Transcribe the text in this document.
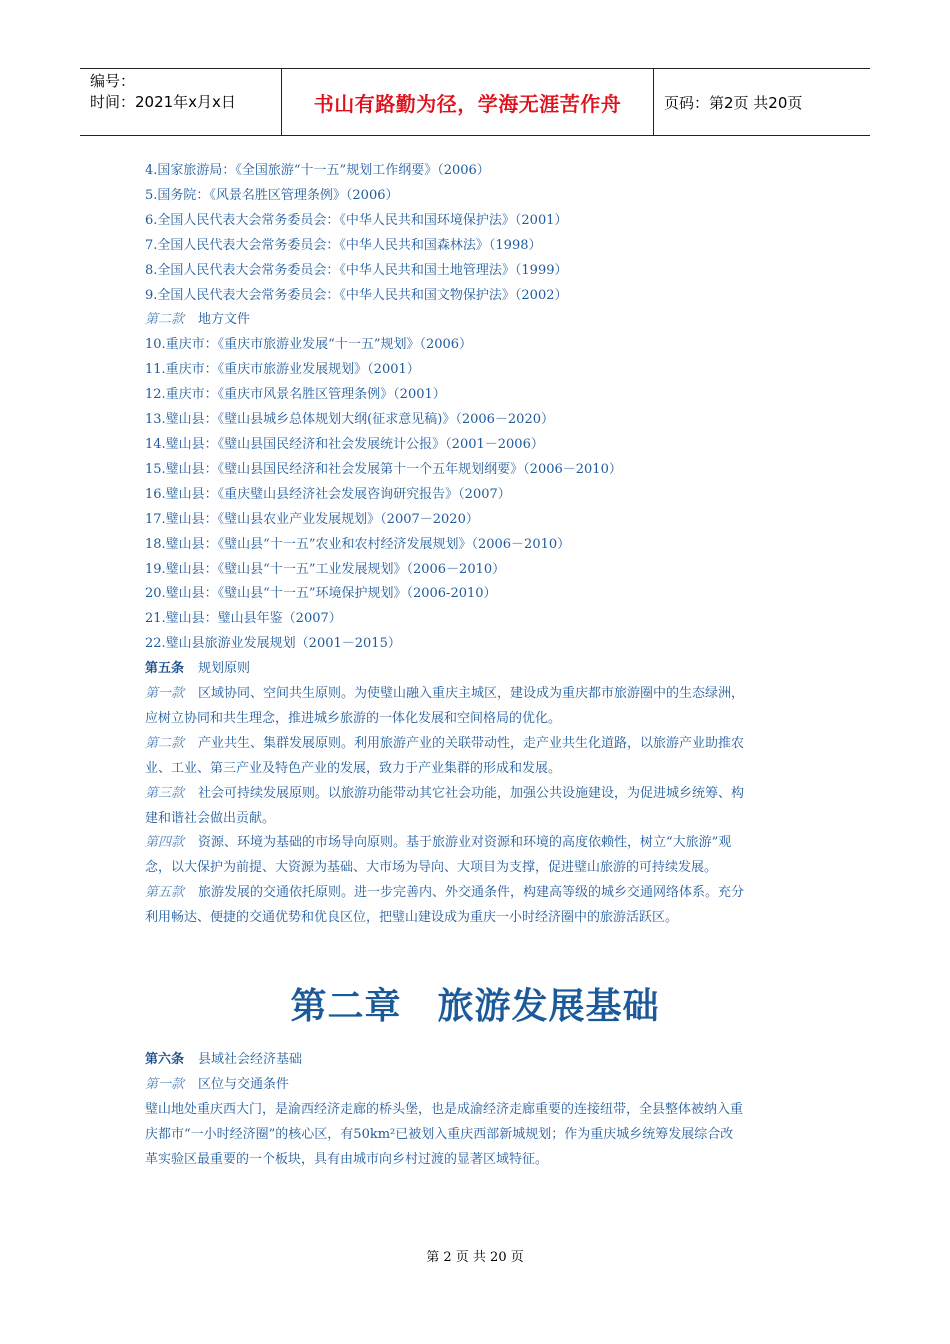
编号：
时间：2021年x月x日	书山有路勤为径，学海无涯苦作舟	页码：第2页 共20页
4.国家旅游局：《全国旅游“十一五”规划工作纲要》（2006）
5.国务院：《风景名胜区管理条例》（2006）
6.全国人民代表大会常务委员会：《中华人民共和国环境保护法》（2001）
7.全国人民代表大会常务委员会：《中华人民共和国森林法》（1998）
8.全国人民代表大会常务委员会：《中华人民共和国土地管理法》（1999）
9.全国人民代表大会常务委员会：《中华人民共和国文物保护法》（2002）
第二款 地方文件
10.重庆市：《重庆市旅游业发展“十一五”规划》（2006）
11.重庆市：《重庆市旅游业发展规划》（2001）
12.重庆市：《重庆市风景名胜区管理条例》（2001）
13.璧山县：《璧山县城乡总体规划大纲(征求意见稿)》（2006－2020）
14.璧山县：《璧山县国民经济和社会发展统计公报》（2001－2006）
15.璧山县：《璧山县国民经济和社会发展第十一个五年规划纲要》（2006－2010）
16.璧山县：《重庆璧山县经济社会发展咨询研究报告》（2007）
17.璧山县：《璧山县农业产业发展规划》（2007－2020）
18.璧山县：《璧山县“十一五”农业和农村经济发展规划》（2006－2010）
19.璧山县：《璧山县“十一五”工业发展规划》（2006－2010）
20.璧山县：《璧山县“十一五”环境保护规划》（2006-2010）
21.璧山县：璧山县年鉴（2007）
22.璧山县旅游业发展规划（2001－2015）
第五条 规划原则
第一款 区域协同、空间共生原则。为使璧山融入重庆主城区，建设成为重庆都市旅游圈中的生态绿洲，
应树立协同和共生理念，推进城乡旅游的一体化发展和空间格局的优化。
第二款 产业共生、集群发展原则。利用旅游产业的关联带动性，走产业共生化道路，以旅游产业助推农
业、工业、第三产业及特色产业的发展，致力于产业集群的形成和发展。
第三款 社会可持续发展原则。以旅游功能带动其它社会功能，加强公共设施建设，为促进城乡统筹、构
建和谐社会做出贡献。
第四款 资源、环境为基础的市场导向原则。基于旅游业对资源和环境的高度依赖性，树立“大旅游”观
念，以大保护为前提、大资源为基础、大市场为导向、大项目为支撑，促进璧山旅游的可持续发展。
第五款 旅游发展的交通依托原则。进一步完善内、外交通条件，构建高等级的城乡交通网络体系。充分
利用畅达、便捷的交通优势和优良区位，把璧山建设成为重庆一小时经济圈中的旅游活跃区。
第二章 旅游发展基础
第六条 县域社会经济基础
第一款 区位与交通条件
璧山地处重庆西大门，是渝西经济走廊的桥头堡，也是成渝经济走廊重要的连接纽带，全县整体被纳入重
庆都市“一小时经济圈”的核心区，有50km²已被划入重庆西部新城规划；作为重庆城乡统筹发展综合改
革实验区最重要的一个板块，具有由城市向乡村过渡的显著区域特征。
第 2 页 共 20 页
